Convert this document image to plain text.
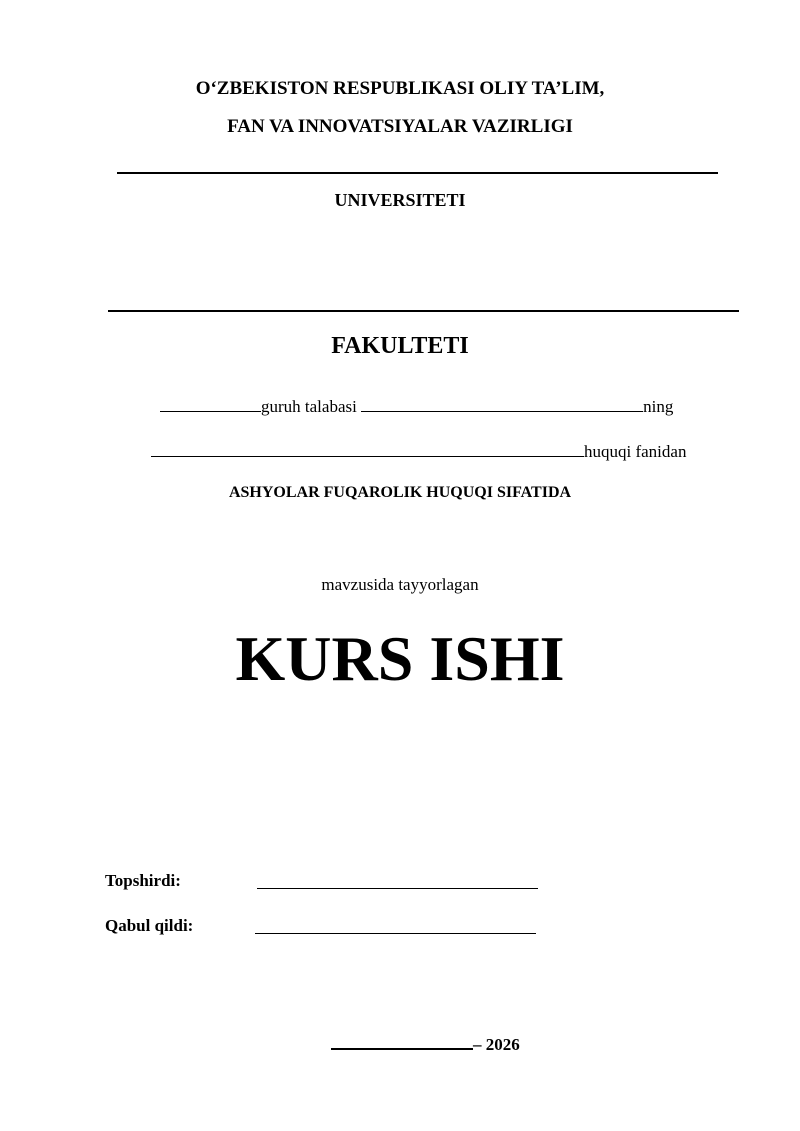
O‘ZBEKISTON RESPUBLIKASI OLIY TA’LIM,
FAN VA INNOVATSIYALAR VAZIRLIGI
UNIVERSITETI
FAKULTETI
guruh talabasi	ning
huquqi fanidan
ASHYOLAR FUQAROLIK HUQUQI SIFATIDA
mavzusida tayyorlagan
KURS ISHI
Topshirdi:
Qabul qildi:
– 2026
